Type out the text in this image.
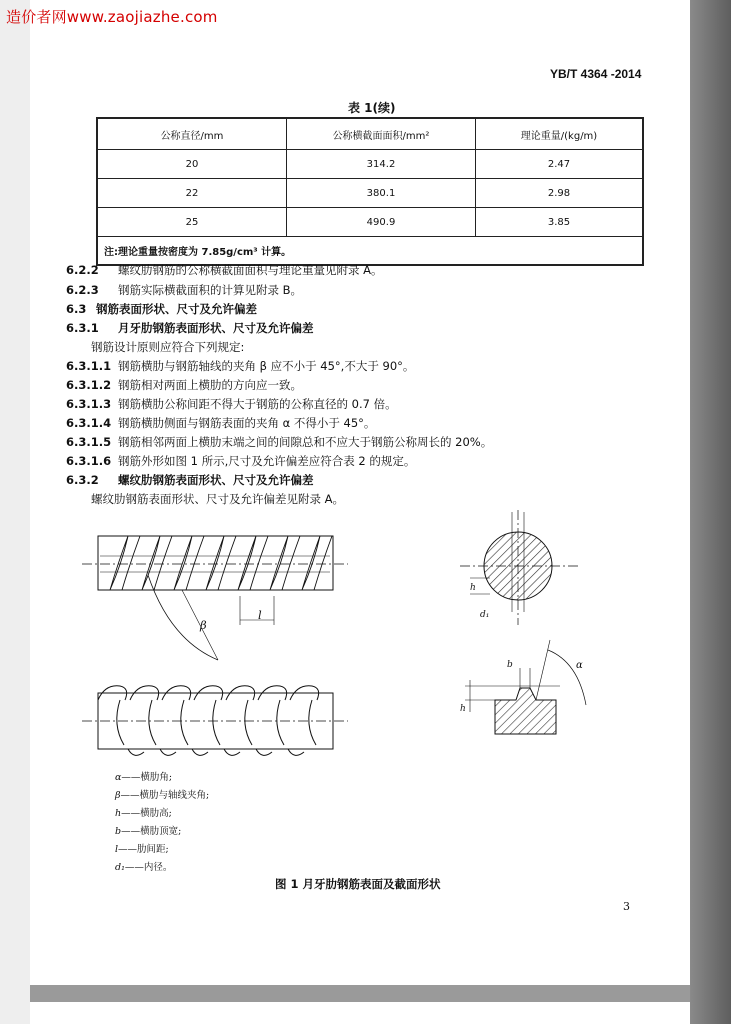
YB/T 4364 -2014
表 1(续)
公称直径/mm	公称横截面面积/mm²	理论重量/(kg/m)
20	314.2	2.47
22	380.1	2.98
25	490.9	3.85
注:理论重量按密度为 7.85g/cm³ 计算。		
6.2.2 螺纹肋钢筋的公称横截面面积与理论重量见附录 A。
6.2.3 钢筋实际横截面积的计算见附录 B。
6.3 钢筋表面形状、尺寸及允许偏差
6.3.1 月牙肋钢筋表面形状、尺寸及允许偏差
钢筋设计原则应符合下列规定:
6.3.1.1 钢筋横肋与钢筋轴线的夹角 β 应不小于 45°,不大于 90°。
6.3.1.2 钢筋相对两面上横肋的方向应一致。
6.3.1.3 钢筋横肋公称间距不得大于钢筋的公称直径的 0.7 倍。
6.3.1.4 钢筋横肋侧面与钢筋表面的夹角 α 不得小于 45°。
6.3.1.5 钢筋相邻两面上横肋末端之间的间隙总和不应大于钢筋公称周长的 20%。
6.3.1.6 钢筋外形如图 1 所示,尺寸及允许偏差应符合表 2 的规定。
6.3.2 螺纹肋钢筋表面形状、尺寸及允许偏差
螺纹肋钢筋表面形状、尺寸及允许偏差见附录 A。
β
l
h
d₁
b	α
h
α——横肋角;
β——横肋与轴线夹角;
h——横肋高;
b——横肋顶宽;
l——肋间距;
d₁——内径。
图 1 月牙肋钢筋表面及截面形状
3
造价者网www.zaojiazhe.com
